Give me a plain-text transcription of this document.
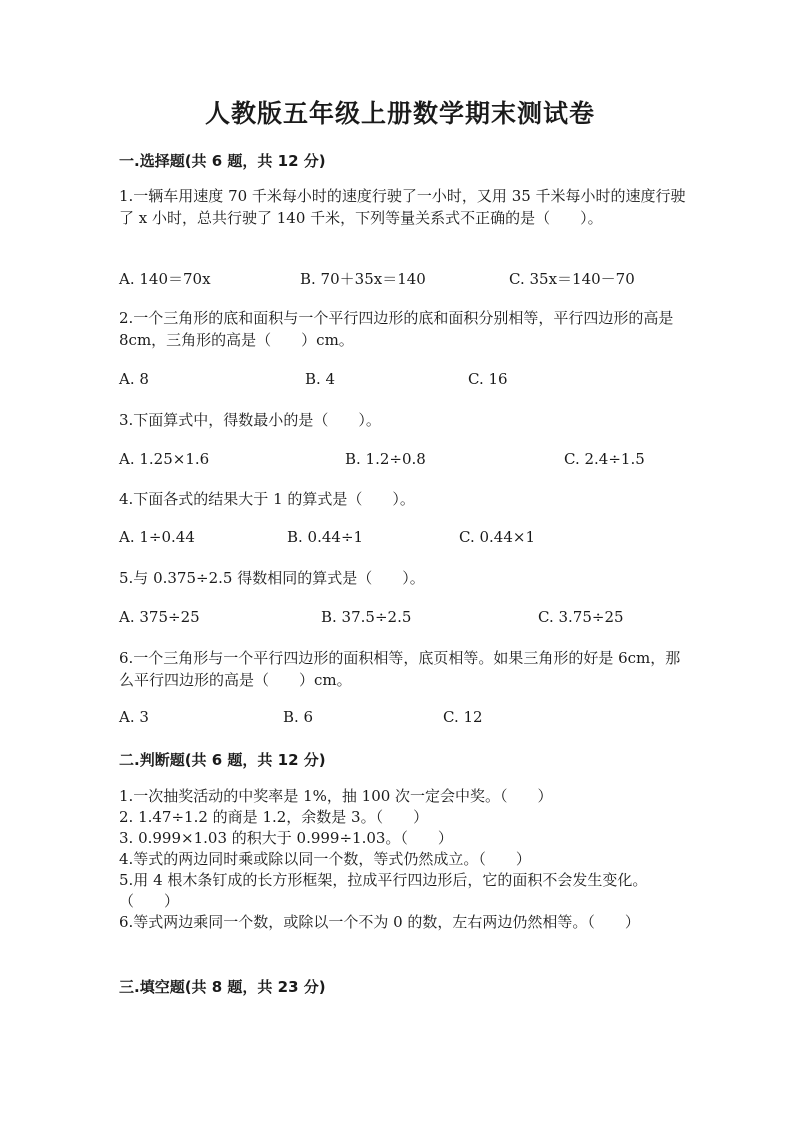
人教版五年级上册数学期末测试卷
一.选择题(共 6 题，共 12 分)
1.一辆车用速度 70 千米每小时的速度行驶了一小时，又用 35 千米每小时的速度行驶了 x 小时，总共行驶了 140 千米，下列等量关系式不正确的是（　　）。
A. 140＝70x	B. 70＋35x＝140	C. 35x＝140－70
2.一个三角形的底和面积与一个平行四边形的底和面积分别相等，平行四边形的高是 8cm，三角形的高是（　　）cm。
A. 8	B. 4	C. 16
3.下面算式中，得数最小的是（　　）。
A. 1.25×1.6	B. 1.2÷0.8	C. 2.4÷1.5
4.下面各式的结果大于 1 的算式是（　　）。
A. 1÷0.44	B. 0.44÷1	C. 0.44×1
5.与 0.375÷2.5 得数相同的算式是（　　）。
A. 375÷25	B. 37.5÷2.5	C. 3.75÷25
6.一个三角形与一个平行四边形的面积相等，底页相等。如果三角形的好是 6cm，那么平行四边形的高是（　　）cm。
A. 3	B. 6	C. 12
二.判断题(共 6 题，共 12 分)
1.一次抽奖活动的中奖率是 1%，抽 100 次一定会中奖。（　　）
2. 1.47÷1.2 的商是 1.2，余数是 3。（　　）
3. 0.999×1.03 的积大于 0.999÷1.03。（　　）
4.等式的两边同时乘或除以同一个数，等式仍然成立。（　　）
5.用 4 根木条钉成的长方形框架，拉成平行四边形后，它的面积不会发生变化。（　　）
6.等式两边乘同一个数，或除以一个不为 0 的数，左右两边仍然相等。（　　）
三.填空题(共 8 题，共 23 分)
